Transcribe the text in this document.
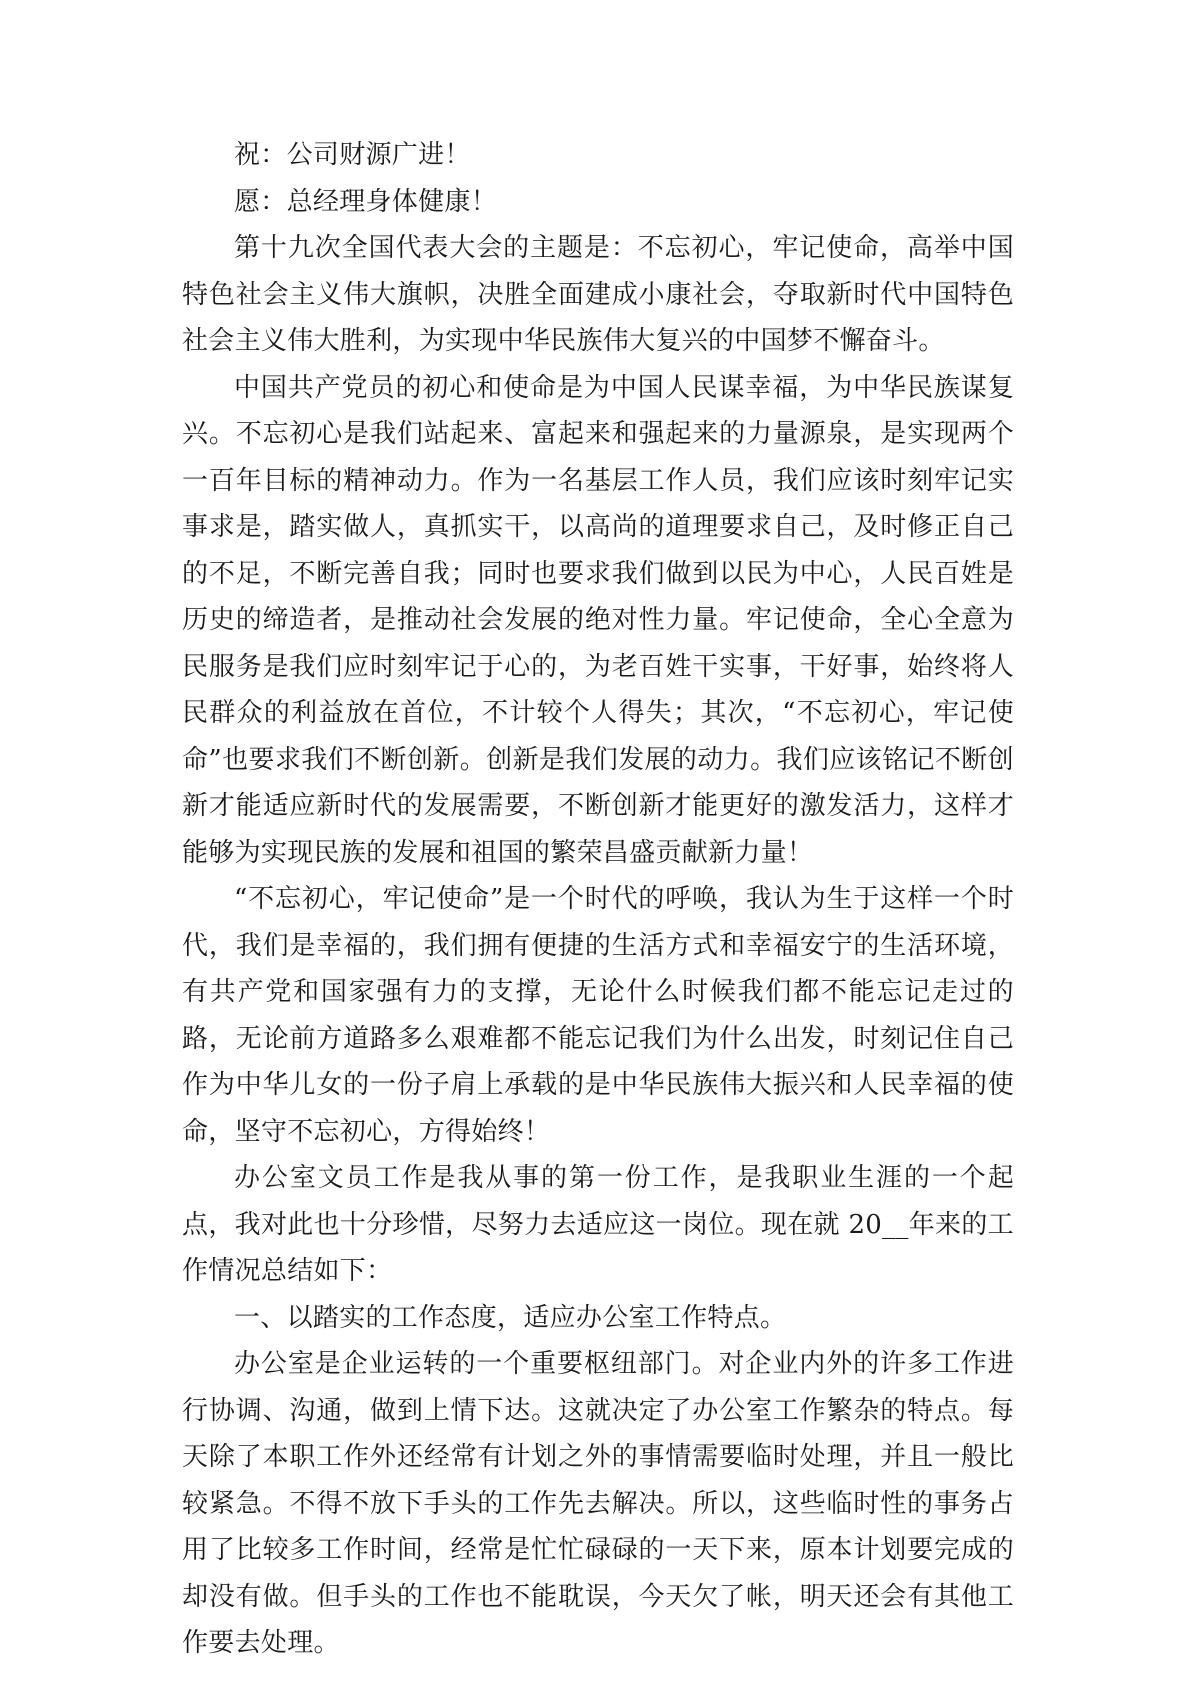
祝：公司财源广进！

愿：总经理身体健康！

第十九次全国代表大会的主题是：不忘初心，牢记使命，高举中国特色社会主义伟大旗帜，决胜全面建成小康社会，夺取新时代中国特色社会主义伟大胜利，为实现中华民族伟大复兴的中国梦不懈奋斗。

中国共产党员的初心和使命是为中国人民谋幸福，为中华民族谋复兴。不忘初心是我们站起来、富起来和强起来的力量源泉，是实现两个一百年目标的精神动力。作为一名基层工作人员，我们应该时刻牢记实事求是，踏实做人，真抓实干，以高尚的道理要求自己，及时修正自己的不足，不断完善自我；同时也要求我们做到以民为中心，人民百姓是历史的缔造者，是推动社会发展的绝对性力量。牢记使命，全心全意为民服务是我们应时刻牢记于心的，为老百姓干实事，干好事，始终将人民群众的利益放在首位，不计较个人得失；其次，“不忘初心，牢记使命”也要求我们不断创新。创新是我们发展的动力。我们应该铭记不断创新才能适应新时代的发展需要，不断创新才能更好的激发活力，这样才能够为实现民族的发展和祖国的繁荣昌盛贡献新力量！

“不忘初心，牢记使命”是一个时代的呼唤，我认为生于这样一个时代，我们是幸福的，我们拥有便捷的生活方式和幸福安宁的生活环境，有共产党和国家强有力的支撑，无论什么时候我们都不能忘记走过的路，无论前方道路多么艰难都不能忘记我们为什么出发，时刻记住自己作为中华儿女的一份子肩上承载的是中华民族伟大振兴和人民幸福的使命，坚守不忘初心，方得始终！

办公室文员工作是我从事的第一份工作，是我职业生涯的一个起点，我对此也十分珍惜，尽努力去适应这一岗位。现在就 20__年来的工作情况总结如下：

一、以踏实的工作态度，适应办公室工作特点。

办公室是企业运转的一个重要枢纽部门。对企业内外的许多工作进行协调、沟通，做到上情下达。这就决定了办公室工作繁杂的特点。每天除了本职工作外还经常有计划之外的事情需要临时处理，并且一般比较紧急。不得不放下手头的工作先去解决。所以，这些临时性的事务占用了比较多工作时间，经常是忙忙碌碌的一天下来，原本计划要完成的却没有做。但手头的工作也不能耽误，今天欠了帐，明天还会有其他工作要去处理。
